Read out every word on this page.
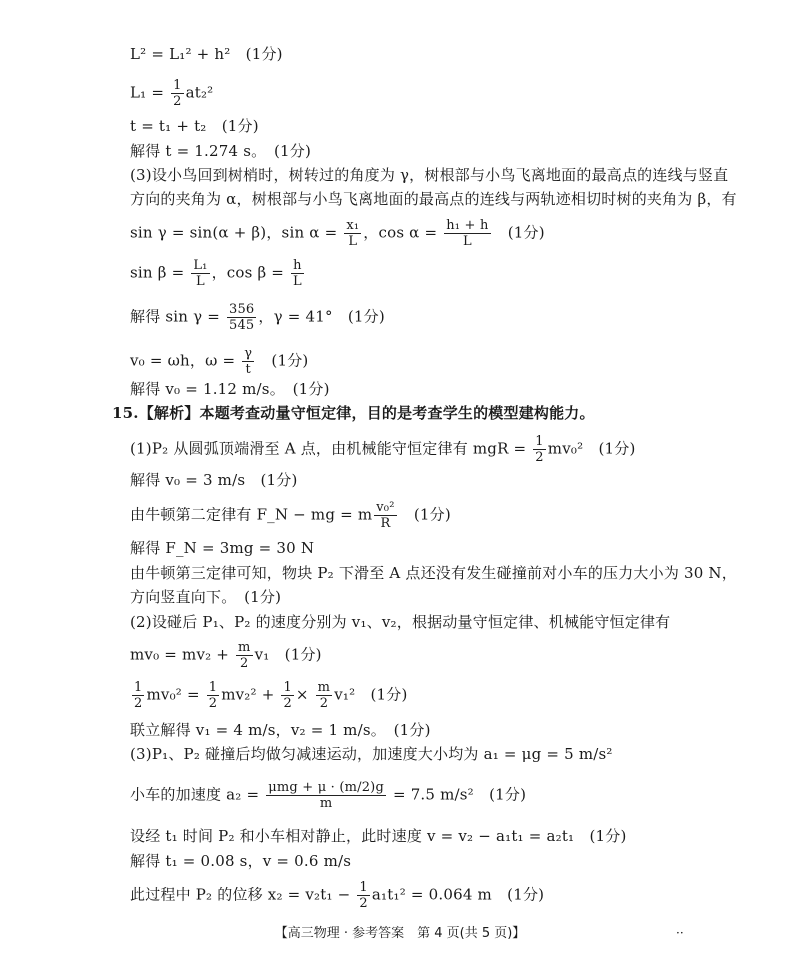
L² = L₁² + h²　(1分)
$L_1 = \frac{1}{2} at_2^2$
t = t₁ + t₂　(1分)
解得 t = 1.274 s。　(1分)
(3)设小鸟回到树梢时，树转过的角度为 γ，树根部与小鸟飞离地面的最高点的连线与竖直
方向的夹角为 α，树根部与小鸟飞离地面的最高点的连线与两轨迹相切时树的夹角为 β，有
sin γ = sin(α + β)，$\sin \alpha = \frac{\text{x₁}}{L}$ ，$\cos \alpha = \frac{\text{h₁ + h}}{L}$ 　(1分)
$\sin \beta = \frac{\text{L₁}}{L}$ ，$\cos \beta = \frac{h}{L}$
解得 $\sin \gamma = \frac{356}{545}$ ，γ = 41°　(1分)
v₀ = ωh，$\omega = \frac{\gamma}{t}$ 　(1分)
解得 v₀ = 1.12 m/s。　(1分)
15.【解析】本题考查动量守恒定律，目的是考查学生的模型建构能力。
(1)P₂ 从圆弧顶端滑至 A 点，由机械能守恒定律有 mgR = $\frac{1}{2} mv_0^2$　(1分)
解得 v₀ = 3 m/s　(1分)
由牛顿第二定律有 F_N − mg = m $\frac{\text{v₀²}}{R}$ 　(1分)
解得 F_N = 3mg = 30 N
由牛顿第三定律可知，物块 P₂ 下滑至 A 点还没有发生碰撞前对小车的压力大小为 30 N，
方向竖直向下。　(1分)
(2)设碰后 P₁、P₂ 的速度分别为 v₁、v₂，根据动量守恒定律、机械能守恒定律有
$mv_0 = mv_2 + \frac{m}{2} v_1$　(1分)
$\frac{1}{2} mv_0^2 = \frac{1}{2} mv_2^2 + \frac{1}{2} \times \frac{m}{2} v_1^2$　(1分)
联立解得 v₁ = 4 m/s，v₂ = 1 m/s。　(1分)
(3)P₁、P₂ 碰撞后均做匀减速运动，加速度大小均为 a₁ = μg = 5 m/s²
小车的加速度 a₂ = μmg + μ · (m/2)g
m	= 7.5 m/s²　(1分)
设经 t₁ 时间 P₂ 和小车相对静止，此时速度 v = v₂ − a₁t₁ = a₂t₁　(1分)
解得 t₁ = 0.08 s，v = 0.6 m/s
此过程中 P₂ 的位移 $x_2 = v_2t_1 - \frac{1}{2} a_1t_1^2 = 0.064$ m　(1分)
【高三物理 · 参考答案　第 4 页(共 5 页)】	··
